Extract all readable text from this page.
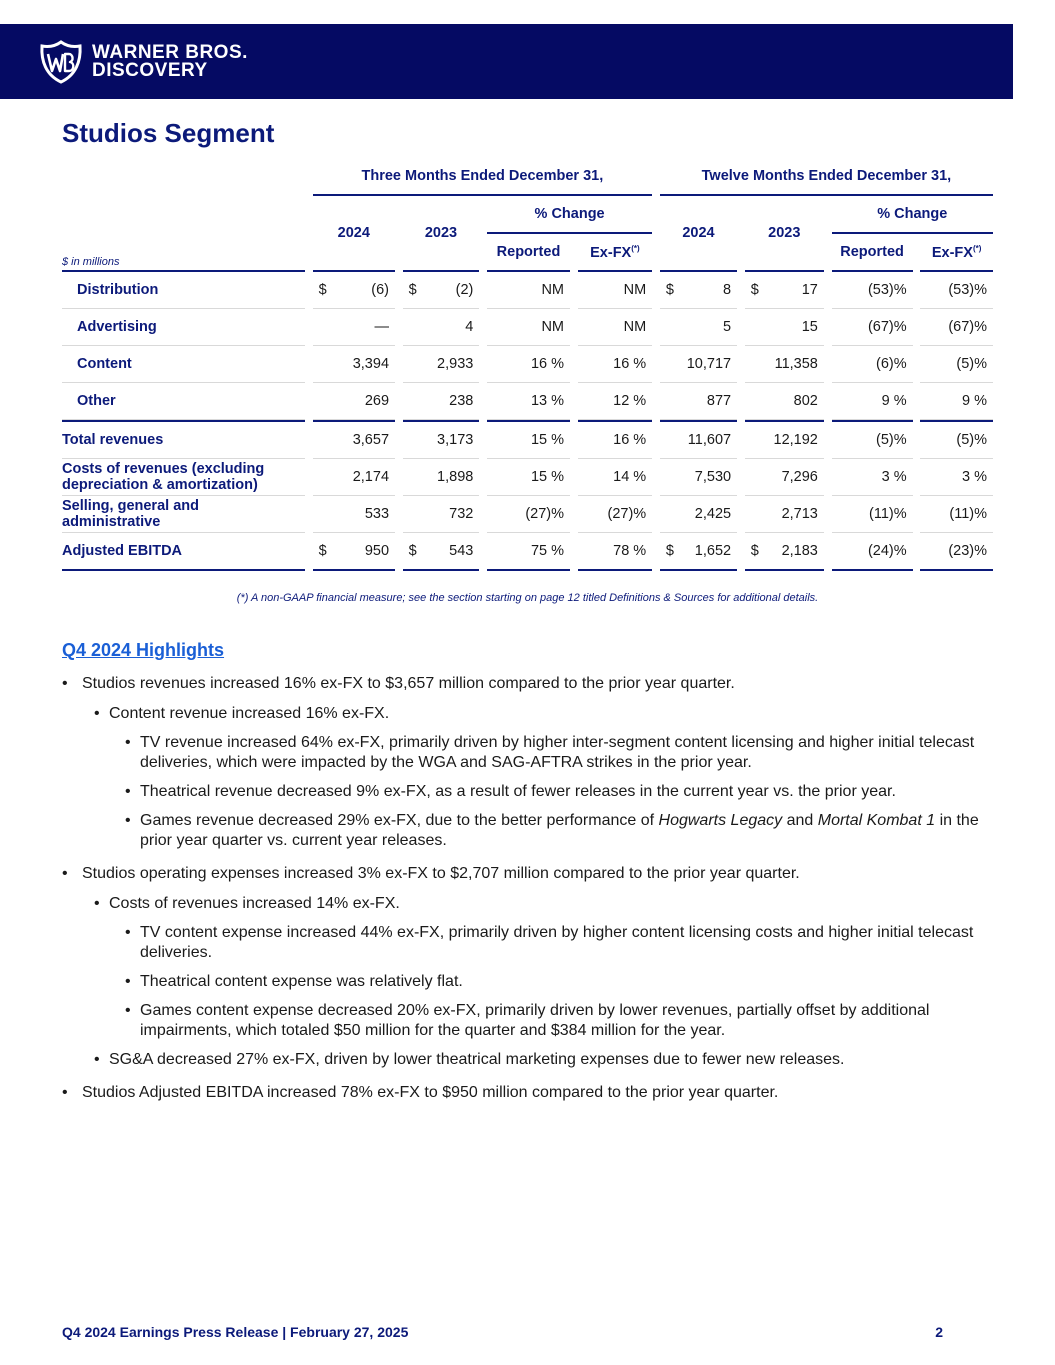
WARNER BROS.
DISCOVERY
Studios Segment
		Three Months Ended December 31,								Twelve Months Ended December 31,						
		2024		2023		% Change				2024		2023		% Change		
$ in millions						Reported		Ex-FX(*)						Reported		Ex-FX(*)
Distribution		$ (6)		$ (2)		NM		NM		$ 8		$ 17		(53)%		(53)%
Advertising		—		4		NM		NM		5		15		(67)%		(67)%
Content		3,394		2,933		16 %		16 %		10,717		11,358		(6)%		(5)%
Other		269		238		13 %		12 %		877		802		9 %		9 %
Total revenues		3,657		3,173		15 %		16 %		11,607		12,192		(5)%		(5)%

Costs of revenues (excluding
depreciation & amortization)		2,174		1,898		15 %		14 %		7,530		7,296		3 %		3 %

Selling, general and
administrative		533		732		(27)%		(27)%		2,425		2,713		(11)%		(11)%
Adjusted EBITDA		$ 950		$ 543		75 %		78 %		$ 1,652		$ 2,183		(24)%		(23)%
(*) A non-GAAP financial measure; see the section starting on page 12 titled Definitions & Sources for additional details.
Q4 2024 Highlights
• Studios revenues increased 16% ex-FX to $3,657 million compared to the prior year quarter.
• Content revenue increased 16% ex-FX.
• TV revenue increased 64% ex-FX, primarily driven by higher inter-segment content licensing and higher initial telecast deliveries, which were impacted by the WGA and SAG-AFTRA strikes in the prior year.
• Theatrical revenue decreased 9% ex-FX, as a result of fewer releases in the current year vs. the prior year.
• Games revenue decreased 29% ex-FX, due to the better performance of Hogwarts Legacy and Mortal Kombat 1 in the prior year quarter vs. current year releases.
• Studios operating expenses increased 3% ex-FX to $2,707 million compared to the prior year quarter.
• Costs of revenues increased 14% ex-FX.
• TV content expense increased 44% ex-FX, primarily driven by higher content licensing costs and higher initial telecast deliveries.
• Theatrical content expense was relatively flat.
• Games content expense decreased 20% ex-FX, primarily driven by lower revenues, partially offset by additional impairments, which totaled $50 million for the quarter and $384 million for the year.
• SG&A decreased 27% ex-FX, driven by lower theatrical marketing expenses due to fewer new releases.
• Studios Adjusted EBITDA increased 78% ex-FX to $950 million compared to the prior year quarter.
Q4 2024 Earnings Press Release | February 27, 2025	2
